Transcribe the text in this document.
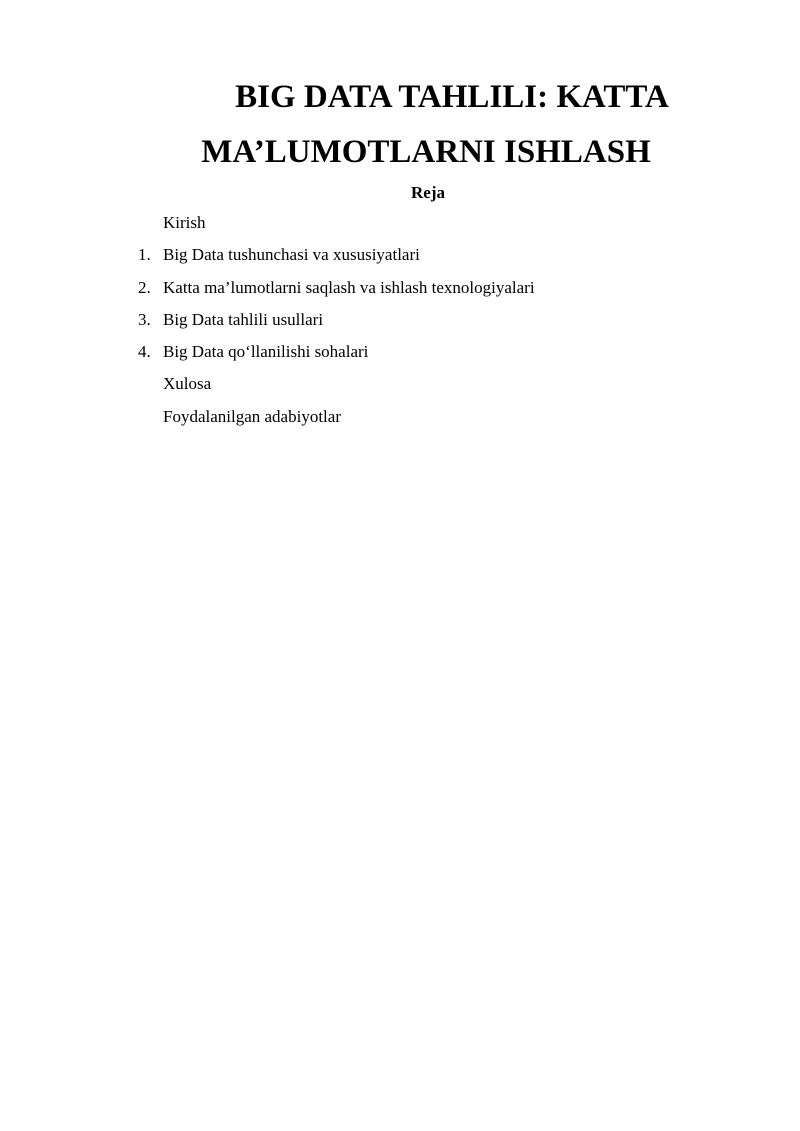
BIG DATA TAHLILI: KATTA
MA’LUMOTLARNI ISHLASH
Reja
Kirish
1. Big Data tushunchasi va xususiyatlari
2. Katta ma’lumotlarni saqlash va ishlash texnologiyalari
3. Big Data tahlili usullari
4. Big Data qo‘llanilishi sohalari
Xulosa
Foydalanilgan adabiyotlar
